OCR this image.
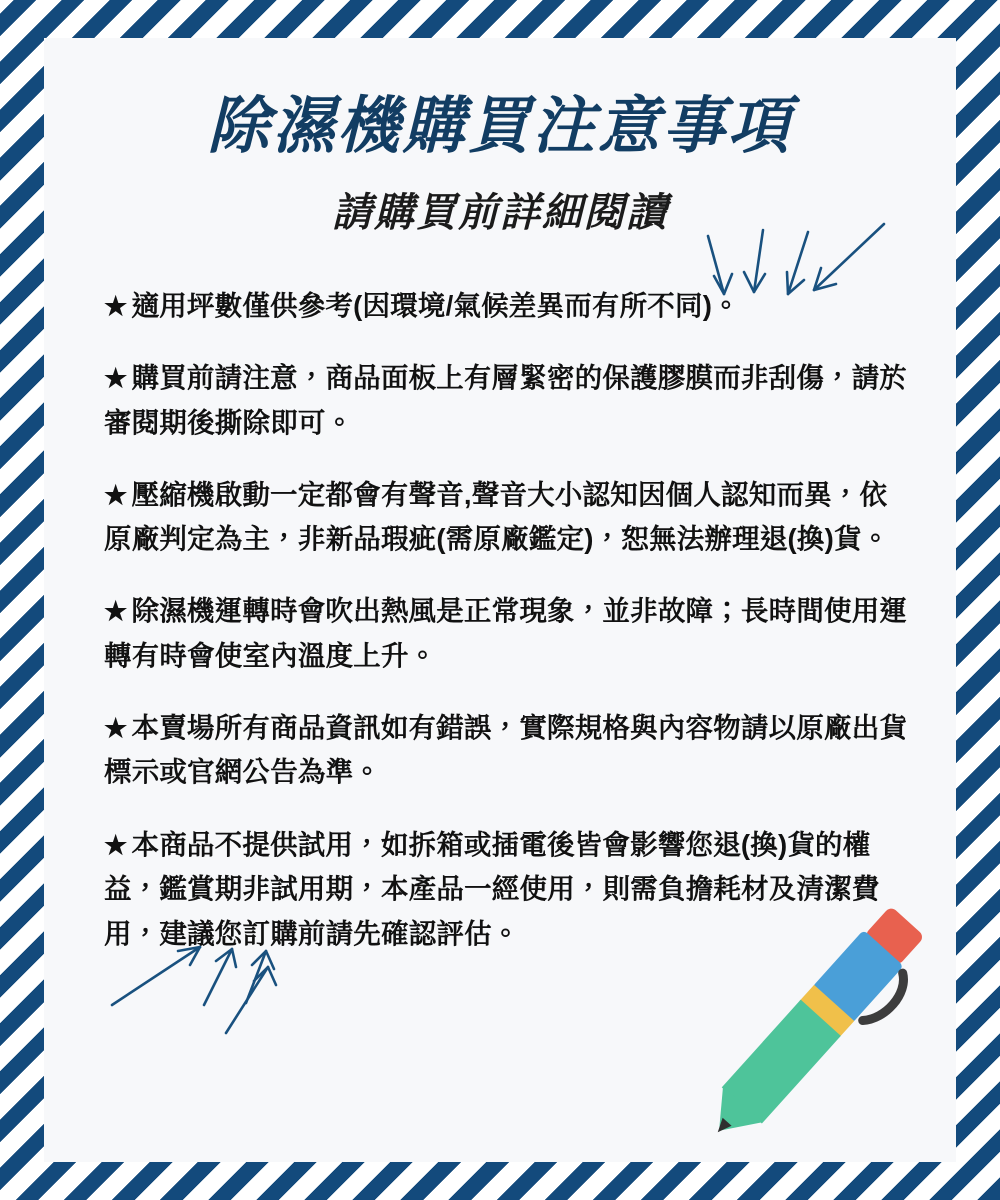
除濕機購買注意事項
請購買前詳細閱讀

★ 適用坪數僅供參考(因環境/氣候差異而有所不同)。

★ 購買前請注意，商品面板上有層緊密的保護膠膜而非刮傷，請於審閱期後撕除即可。

★ 壓縮機啟動一定都會有聲音,聲音大小認知因個人認知而異，依原廠判定為主，非新品瑕疵(需原廠鑑定)，恕無法辦理退(換)貨。

★ 除濕機運轉時會吹出熱風是正常現象，並非故障；長時間使用運轉有時會使室內溫度上升。

★ 本賣場所有商品資訊如有錯誤，實際規格與內容物請以原廠出貨標示或官網公告為準。

★ 本商品不提供試用，如拆箱或插電後皆會影響您退(換)貨的權益，鑑賞期非試用期，本產品一經使用，則需負擔耗材及清潔費用，建議您訂購前請先確認評估。
